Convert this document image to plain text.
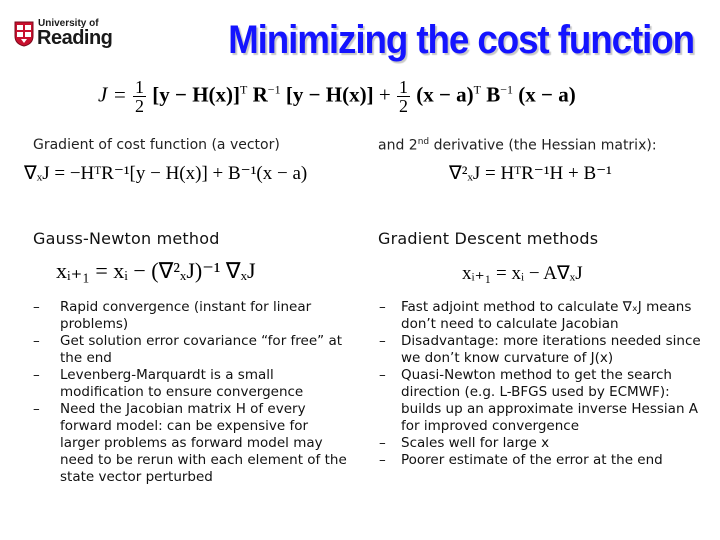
University of
Reading	Minimizing the cost function
$J = \frac{1}{2} [y - H(x)]^T$ $R^{-1}$ $[y - H(x)] + \frac{1}{2} (x - a)^T$ $B^{-1}$ (x − a)
Gradient of cost function (a vector)
∇ₓJ = −HᵀR⁻¹[y − H(x)] + B⁻¹(x − a)
Gauss-Newton method
xᵢ₊₁ = xᵢ − (∇²ₓJ)⁻¹ ∇ₓJ
– Rapid convergence (instant for linear problems)
– Get solution error covariance “for free” at the end
– Levenberg-Marquardt is a small modification to ensure convergence
– Need the Jacobian matrix H of every forward model: can be expensive for larger problems as forward model may need to be rerun with each element of the state vector perturbed
and 2nd derivative (the Hessian matrix):
∇²ₓJ = HᵀR⁻¹H + B⁻¹
Gradient Descent methods
xᵢ₊₁ = xᵢ − A∇ₓJ
– Fast adjoint method to calculate ∇ₓJ means don’t need to calculate Jacobian
– Disadvantage: more iterations needed since we don’t know curvature of J(x)
– Quasi-Newton method to get the search direction (e.g. L-BFGS used by ECMWF): builds up an approximate inverse Hessian A for improved convergence
– Scales well for large x
– Poorer estimate of the error at the end
